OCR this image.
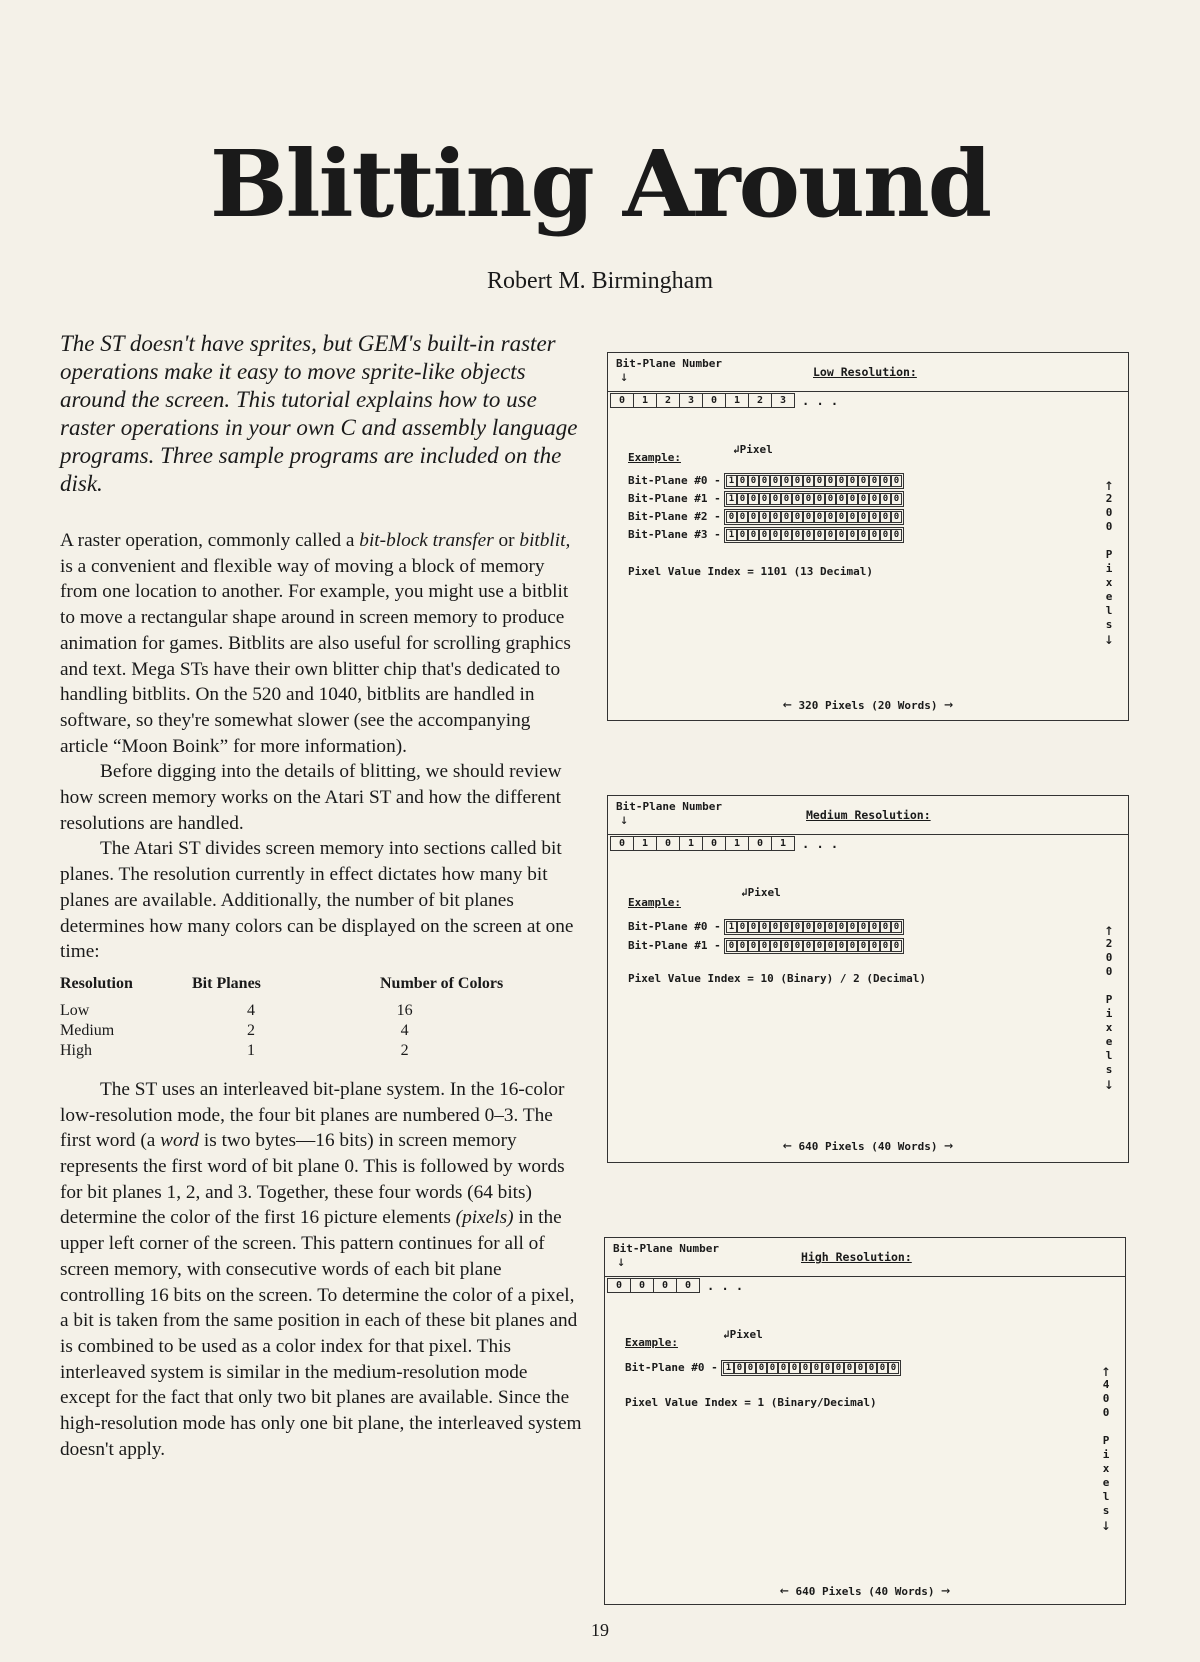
Blitting Around
Robert M. Birmingham

The ST doesn't have sprites, but GEM's built-in raster operations make it easy to move sprite-like objects around the screen. This tutorial explains how to use raster operations in your own C and assembly language programs. Three sample programs are included on the disk.

A raster operation, commonly called a bit-block transfer or bitblit, is a convenient and flexible way of moving a block of memory from one location to another. For example, you might use a bitblit to move a rectangular shape around in screen memory to produce animation for games. Bitblits are also useful for scrolling graphics and text. Mega STs have their own blitter chip that's dedicated to handling bitblits. On the 520 and 1040, bitblits are handled in software, so they're somewhat slower (see the accompanying article “Moon Boink” for more information).

Before digging into the details of blitting, we should review how screen memory works on the Atari ST and how the different resolutions are handled.

The Atari ST divides screen memory into sections called bit planes. The resolution currently in effect dictates how many bit planes are available. Additionally, the number of bit planes determines how many colors can be displayed on the screen at one time:

Resolution	Bit Planes	Number of Colors
Low	4	16
Medium	2	4
High	1	2

The ST uses an interleaved bit-plane system. In the 16-color low-resolution mode, the four bit planes are numbered 0–3. The first word (a word is two bytes—16 bits) in screen memory represents the first word of bit plane 0. This is followed by words for bit planes 1, 2, and 3. Together, these four words (64 bits) determine the color of the first 16 picture elements (pixels) in the upper left corner of the screen. This pattern continues for all of screen memory, with consecutive words of each bit plane controlling 16 bits on the screen. To determine the color of a pixel, a bit is taken from the same position in each of these bit planes and is combined to be used as a color index for that pixel. This interleaved system is similar in the medium-resolution mode except for the fact that only two bit planes are available. Since the high-resolution mode has only one bit plane, the interleaved system doesn't apply.

Bit-Plane Number
↓	Low Resolution:
0	1	2	3	0	1	2	3	. . .
Example:
↲Pixel
Pixel Value Index = 1101 (13 Decimal)
↑
2
0
0

P
i
x
e
l
s
↓
← 320 Pixels (20 Words) →
Bit-Plane #0 - 1 0 0 0 0 0 0 0 0 0 0 0 0 0 0 0
Bit-Plane #1 - 1 0 0 0 0 0 0 0 0 0 0 0 0 0 0 0
Bit-Plane #2 - 0 0 0 0 0 0 0 0 0 0 0 0 0 0 0 0
Bit-Plane #3 - 1 0 0 0 0 0 0 0 0 0 0 0 0 0 0 0
Bit-Plane Number
↓	Medium Resolution:
0	1	0	1	0	1	0	1	. . .
Example:
↲Pixel
Pixel Value Index = 10 (Binary) / 2 (Decimal)
↑
2
0
0

P
i
x
e
l
s
↓
← 640 Pixels (40 Words) →
Bit-Plane #0 - 1 0 0 0 0 0 0 0 0 0 0 0 0 0 0 0
Bit-Plane #1 - 0 0 0 0 0 0 0 0 0 0 0 0 0 0 0 0
Bit-Plane Number
↓	High Resolution:
0	0	0	0	. . .
Example:
↲Pixel
Pixel Value Index = 1 (Binary/Decimal)
↑
4
0
0

P
i
x
e
l
s
↓
← 640 Pixels (40 Words) →
Bit-Plane #0 - 1 0 0 0 0 0 0 0 0 0 0 0 0 0 0 0
19
